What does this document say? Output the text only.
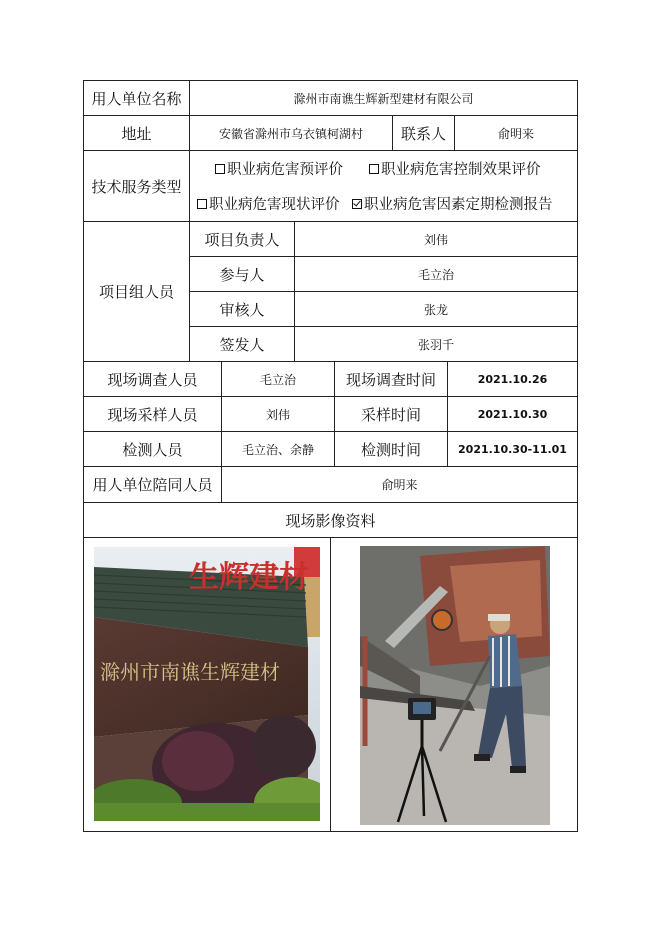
用人单位名称	滁州市南谯生辉新型建材有限公司
地址	安徽省滁州市乌衣镇柯湖村	联系人	俞明来
技术服务类型
职业病危害预评价	职业病危害控制效果评价
职业病危害现状评价 职业病危害因素定期检测报告
项目组人员
项目负责人	刘伟
参与人	毛立治
审核人	张龙
签发人	张羽千
现场调查人员	毛立治	现场调查时间	2021.10.26
现场采样人员	刘伟	采样时间	2021.10.30
检测人员	毛立治、余静	检测时间	2021.10.30-11.01
用人单位陪同人员	俞明来
现场影像资料
生辉建材
滁州市南谯生辉建材
